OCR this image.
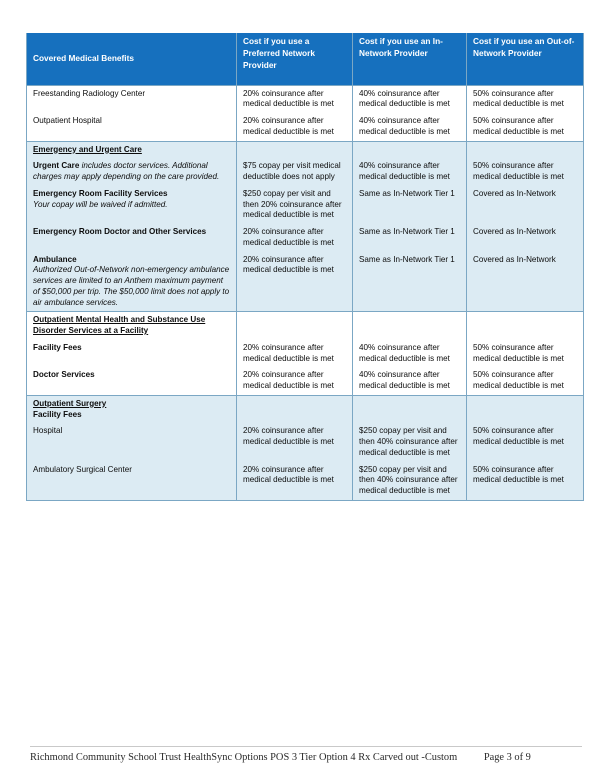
Covered Medical Benefits	Cost if you use a Preferred Network Provider	Cost if you use an In-Network Provider	Cost if you use an Out-of-Network Provider
Freestanding Radiology Center	20% coinsurance after medical deductible is met	40% coinsurance after medical deductible is met	50% coinsurance after medical deductible is met
Outpatient Hospital	20% coinsurance after medical deductible is met	40% coinsurance after medical deductible is met	50% coinsurance after medical deductible is met

Emergency and Urgent Care			

Urgent Care includes doctor services. Additional charges may apply depending on the care provided.	$75 copay per visit medical deductible does not apply	40% coinsurance after medical deductible is met	50% coinsurance after medical deductible is met

Emergency Room Facility Services
Your copay will be waived if admitted.	$250 copay per visit and then 20% coinsurance after medical deductible is met	Same as In-Network Tier 1	Covered as In-Network
Emergency Room Doctor and Other Services	20% coinsurance after medical deductible is met	Same as In-Network Tier 1	Covered as In-Network

Ambulance
Authorized Out-of-Network non-emergency ambulance services are limited to an Anthem maximum payment of $50,000 per trip. The $50,000 limit does not apply to air ambulance services.	20% coinsurance after medical deductible is met	Same as In-Network Tier 1	Covered as In-Network

Outpatient Mental Health and Substance Use Disorder Services at a Facility			

Facility Fees	20% coinsurance after medical deductible is met	40% coinsurance after medical deductible is met	50% coinsurance after medical deductible is met
Doctor Services	20% coinsurance after medical deductible is met	40% coinsurance after medical deductible is met	50% coinsurance after medical deductible is met

Outpatient Surgery
Facility Fees			

Hospital	20% coinsurance after medical deductible is met	$250 copay per visit and then 40% coinsurance after medical deductible is met	50% coinsurance after medical deductible is met
Ambulatory Surgical Center	20% coinsurance after medical deductible is met	$250 copay per visit and then 40% coinsurance after medical deductible is met	50% coinsurance after medical deductible is met
Richmond Community School Trust HealthSync Options POS 3 Tier Option 4 Rx Carved out -Custom	Page 3 of 9
